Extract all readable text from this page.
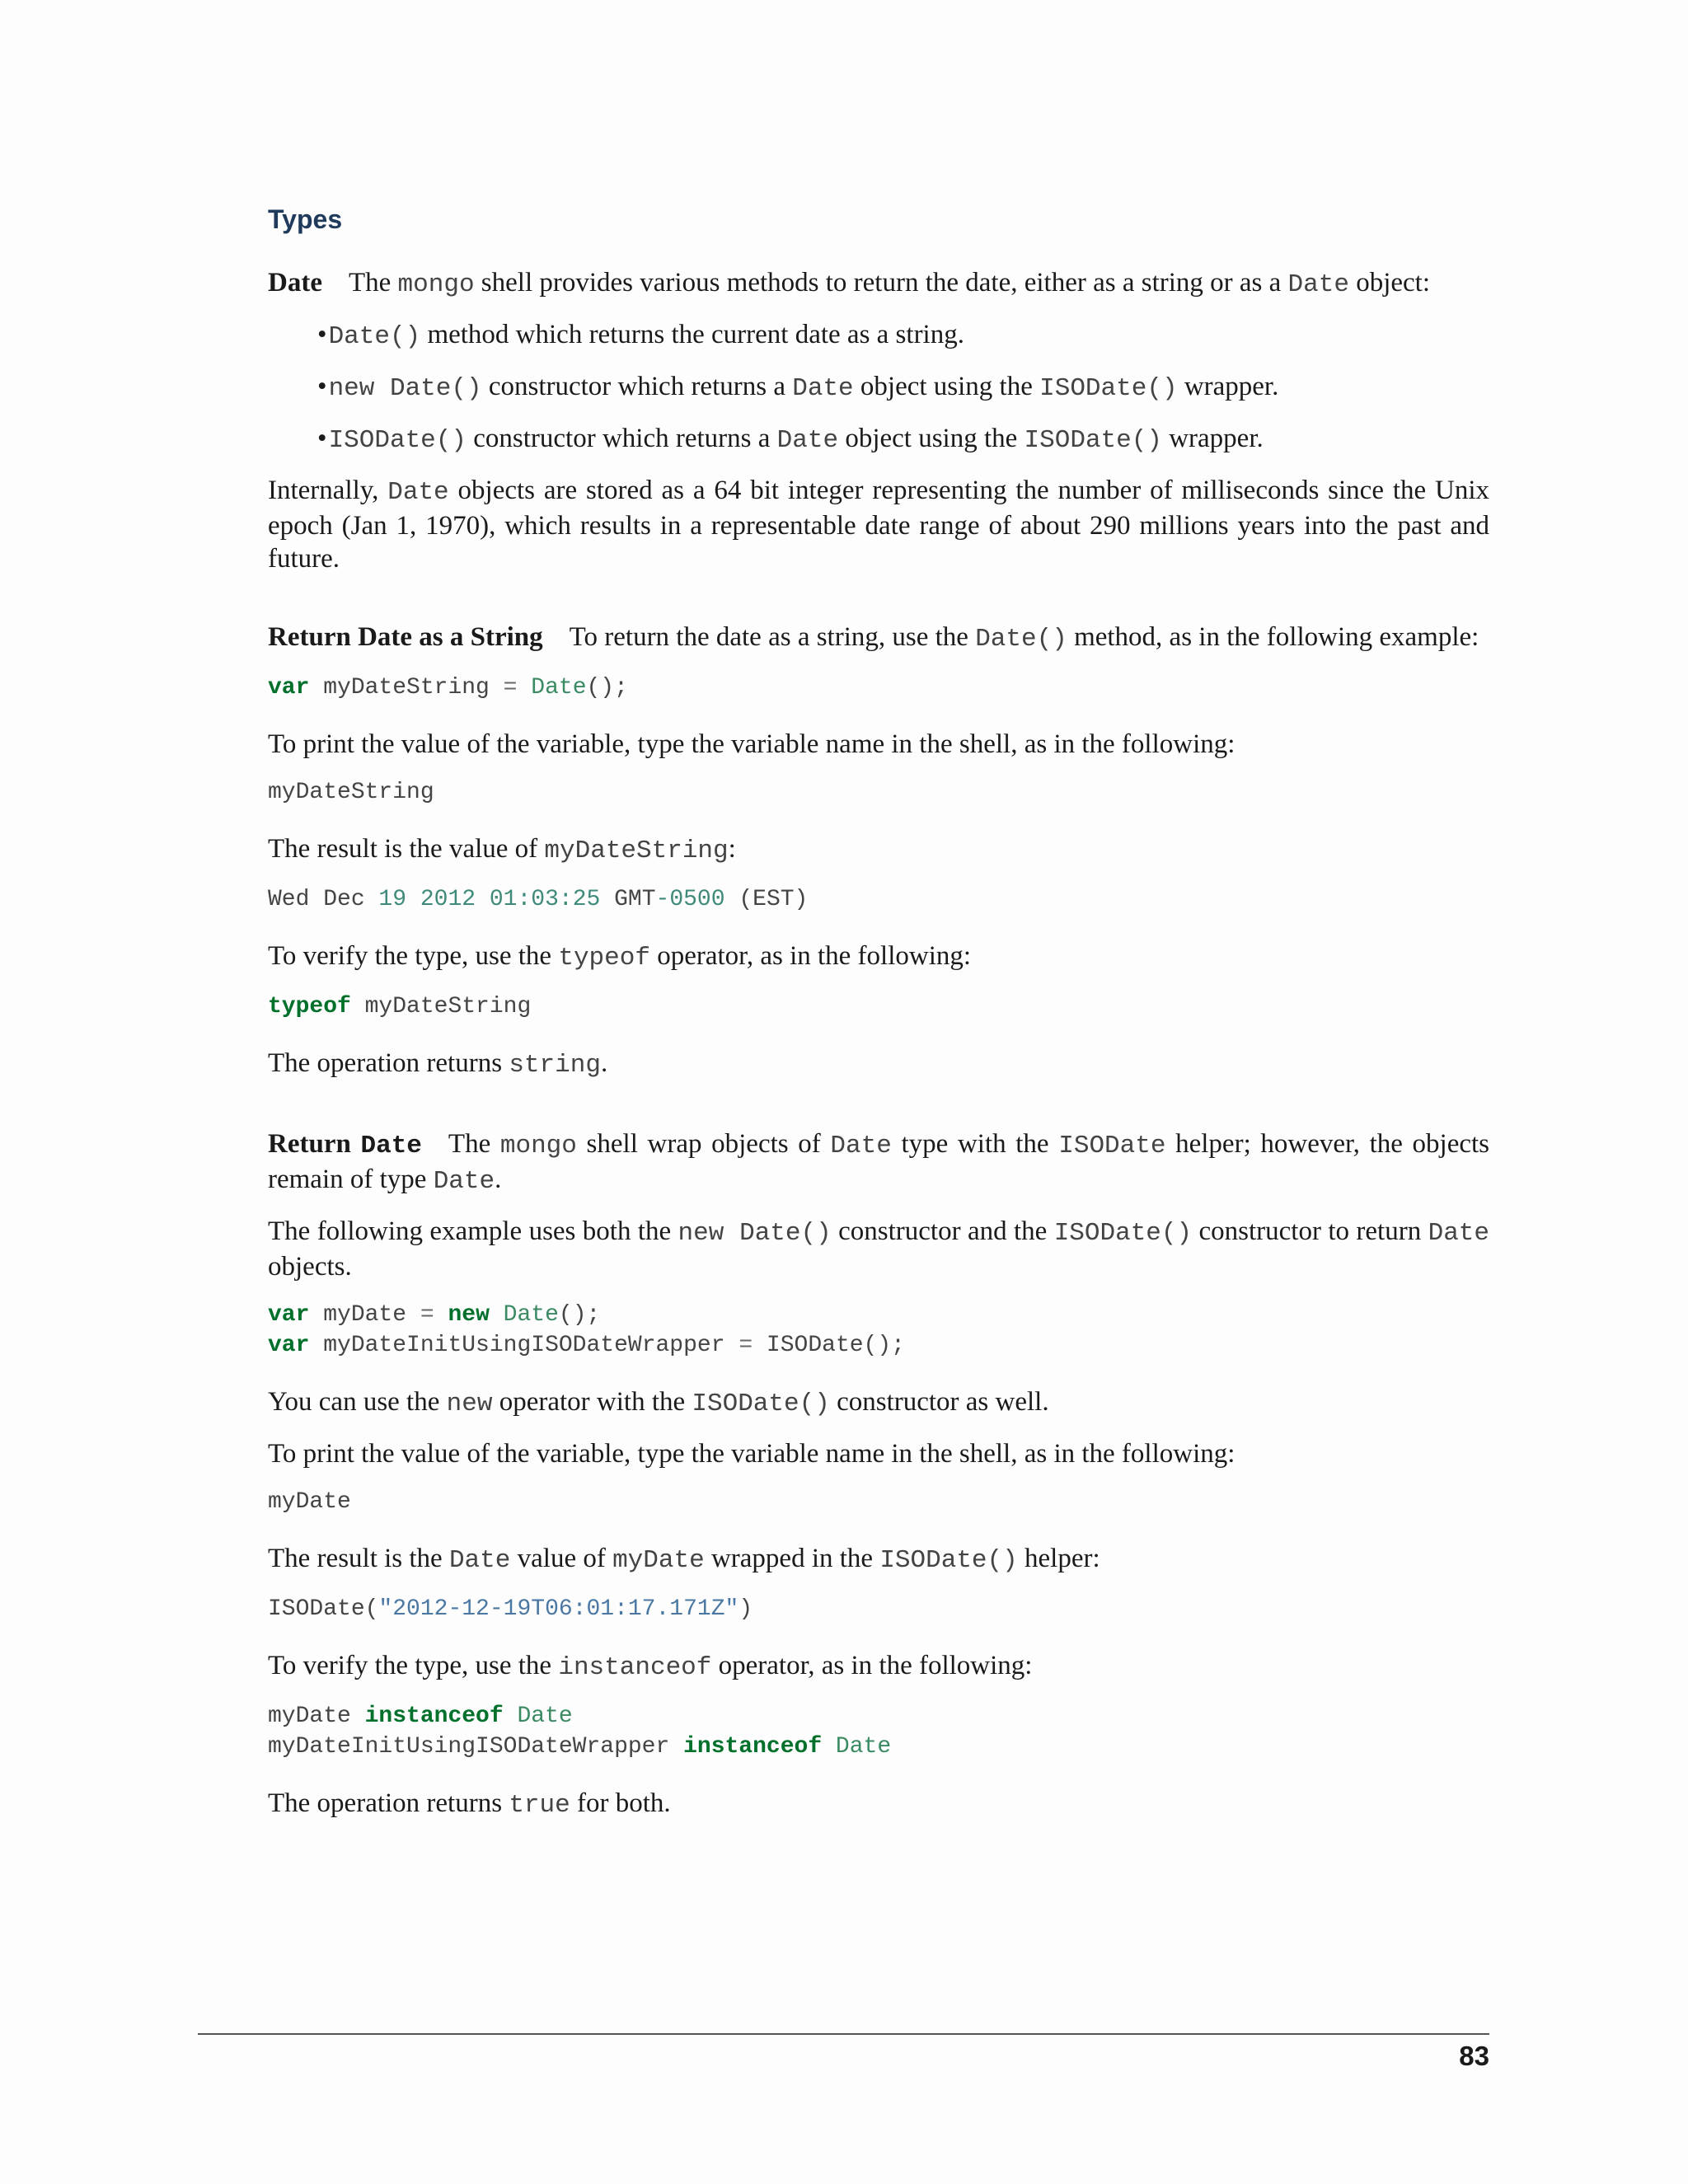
Types

Date The mongo shell provides various methods to return the date, either as a string or as a Date object:

•Date() method which returns the current date as a string.

•new Date() constructor which returns a Date object using the ISODate() wrapper.

•ISODate() constructor which returns a Date object using the ISODate() wrapper.

Internally, Date objects are stored as a 64 bit integer representing the number of milliseconds since the Unix epoch (Jan 1, 1970), which results in a representable date range of about 290 millions years into the past and future.

Return Date as a String To return the date as a string, use the Date() method, as in the following example:

var myDateString = Date();

To print the value of the variable, type the variable name in the shell, as in the following:

myDateString

The result is the value of myDateString:

Wed Dec 19 2012 01:03:25 GMT-0500 (EST)

To verify the type, use the typeof operator, as in the following:

typeof myDateString

The operation returns string.

Return Date The mongo shell wrap objects of Date type with the ISODate helper; however, the objects remain of type Date.

The following example uses both the new Date() constructor and the ISODate() constructor to return Date objects.

var myDate = new Date();
var myDateInitUsingISODateWrapper = ISODate();

You can use the new operator with the ISODate() constructor as well.

To print the value of the variable, type the variable name in the shell, as in the following:

myDate

The result is the Date value of myDate wrapped in the ISODate() helper:

ISODate("2012-12-19T06:01:17.171Z")

To verify the type, use the instanceof operator, as in the following:

myDate instanceof Date
myDateInitUsingISODateWrapper instanceof Date

The operation returns true for both.

83
